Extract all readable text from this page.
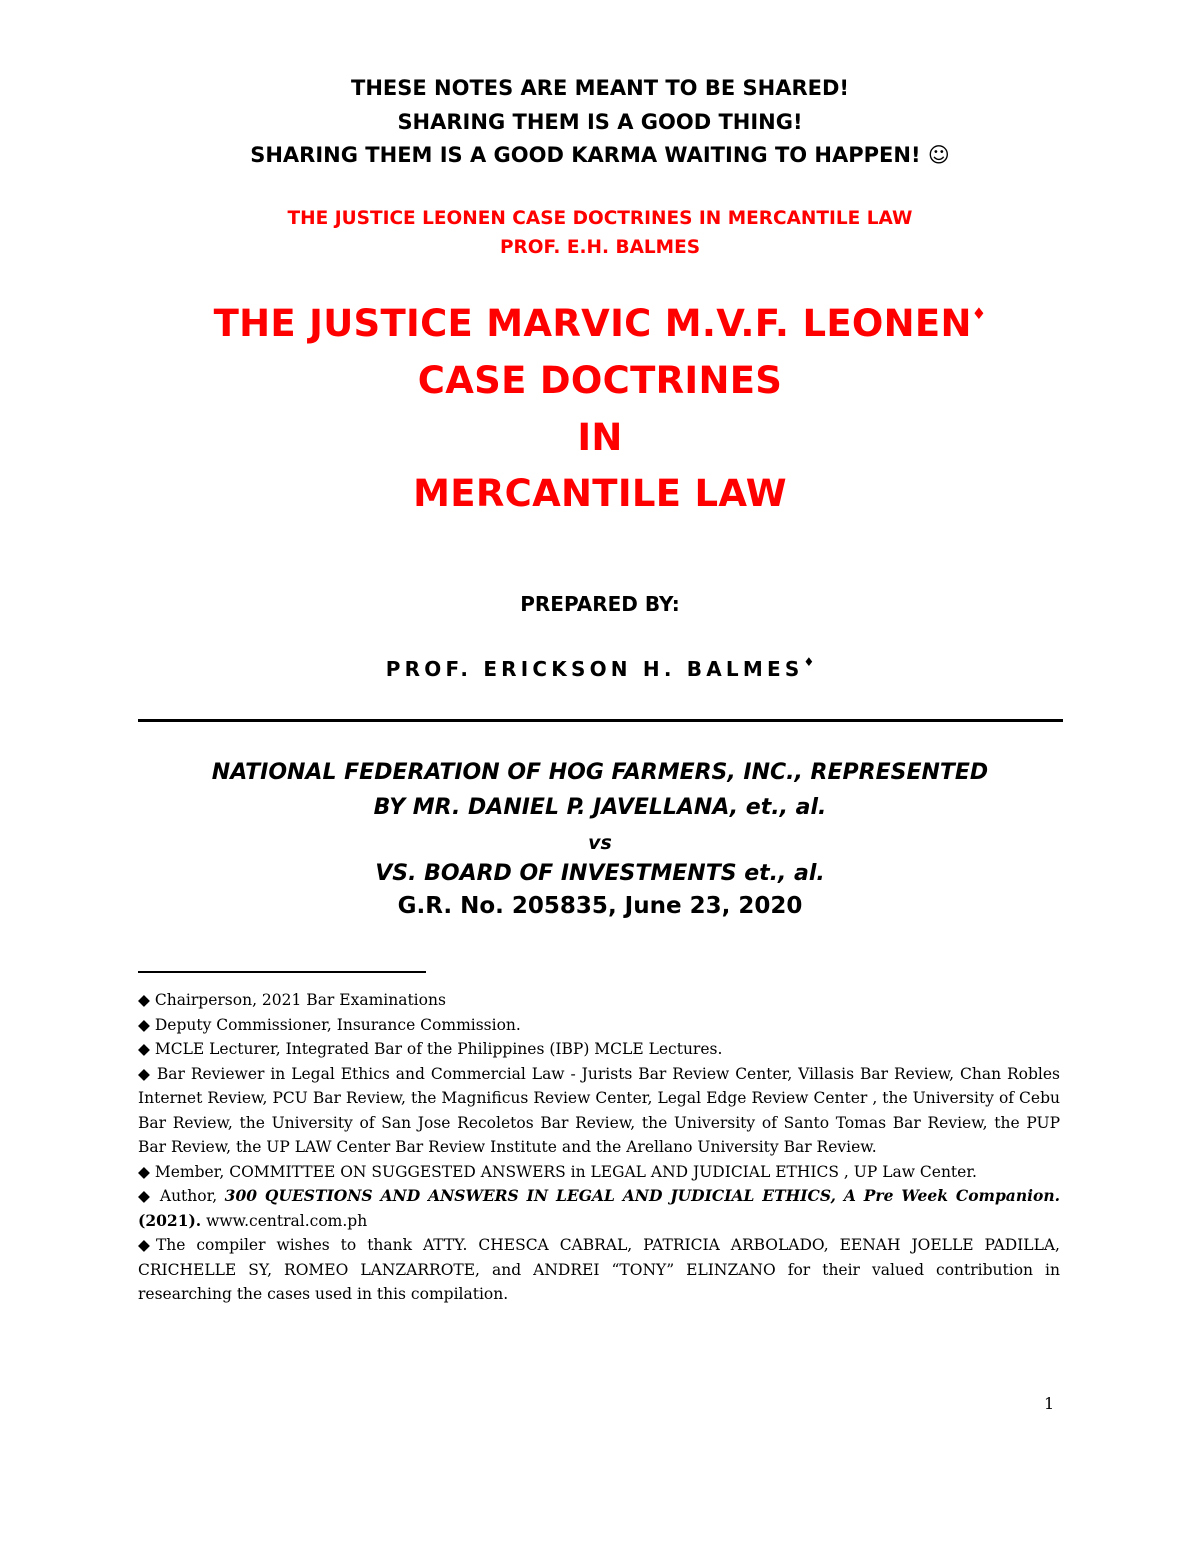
THESE NOTES ARE MEANT TO BE SHARED!
SHARING THEM IS A GOOD THING!
SHARING THEM IS A GOOD KARMA WAITING TO HAPPEN! ☺
THE JUSTICE LEONEN CASE DOCTRINES IN MERCANTILE LAW
PROF. E.H. BALMES
THE JUSTICE MARVIC M.V.F. LEONEN♦
CASE DOCTRINES
IN
MERCANTILE LAW
PREPARED BY:
PROF. ERICKSON H. BALMES♦
NATIONAL FEDERATION OF HOG FARMERS, INC., REPRESENTED
BY MR. DANIEL P. JAVELLANA, et., al.
vs
VS. BOARD OF INVESTMENTS et., al.
G.R. No. 205835, June 23, 2020

◆ Chairperson, 2021 Bar Examinations

◆ Deputy Commissioner, Insurance Commission.

◆ MCLE Lecturer, Integrated Bar of the Philippines (IBP) MCLE Lectures.

◆ Bar Reviewer in Legal Ethics and Commercial Law - Jurists Bar Review Center, Villasis Bar Review, Chan Robles Internet Review, PCU Bar Review, the Magnificus Review Center, Legal Edge Review Center , the University of Cebu Bar Review, the University of San Jose Recoletos Bar Review, the University of Santo Tomas Bar Review, the PUP Bar Review, the UP LAW Center Bar Review Institute and the Arellano University Bar Review.

◆ Member, COMMITTEE ON SUGGESTED ANSWERS in LEGAL AND JUDICIAL ETHICS , UP Law Center.

◆ Author, 300 QUESTIONS AND ANSWERS IN LEGAL AND JUDICIAL ETHICS, A Pre Week Companion. (2021). www.central.com.ph

◆The compiler wishes to thank ATTY. CHESCA CABRAL, PATRICIA ARBOLADO, EENAH JOELLE PADILLA, CRICHELLE SY, ROMEO LANZARROTE, and ANDREI “TONY” ELINZANO for their valued contribution in researching the cases used in this compilation.

1
